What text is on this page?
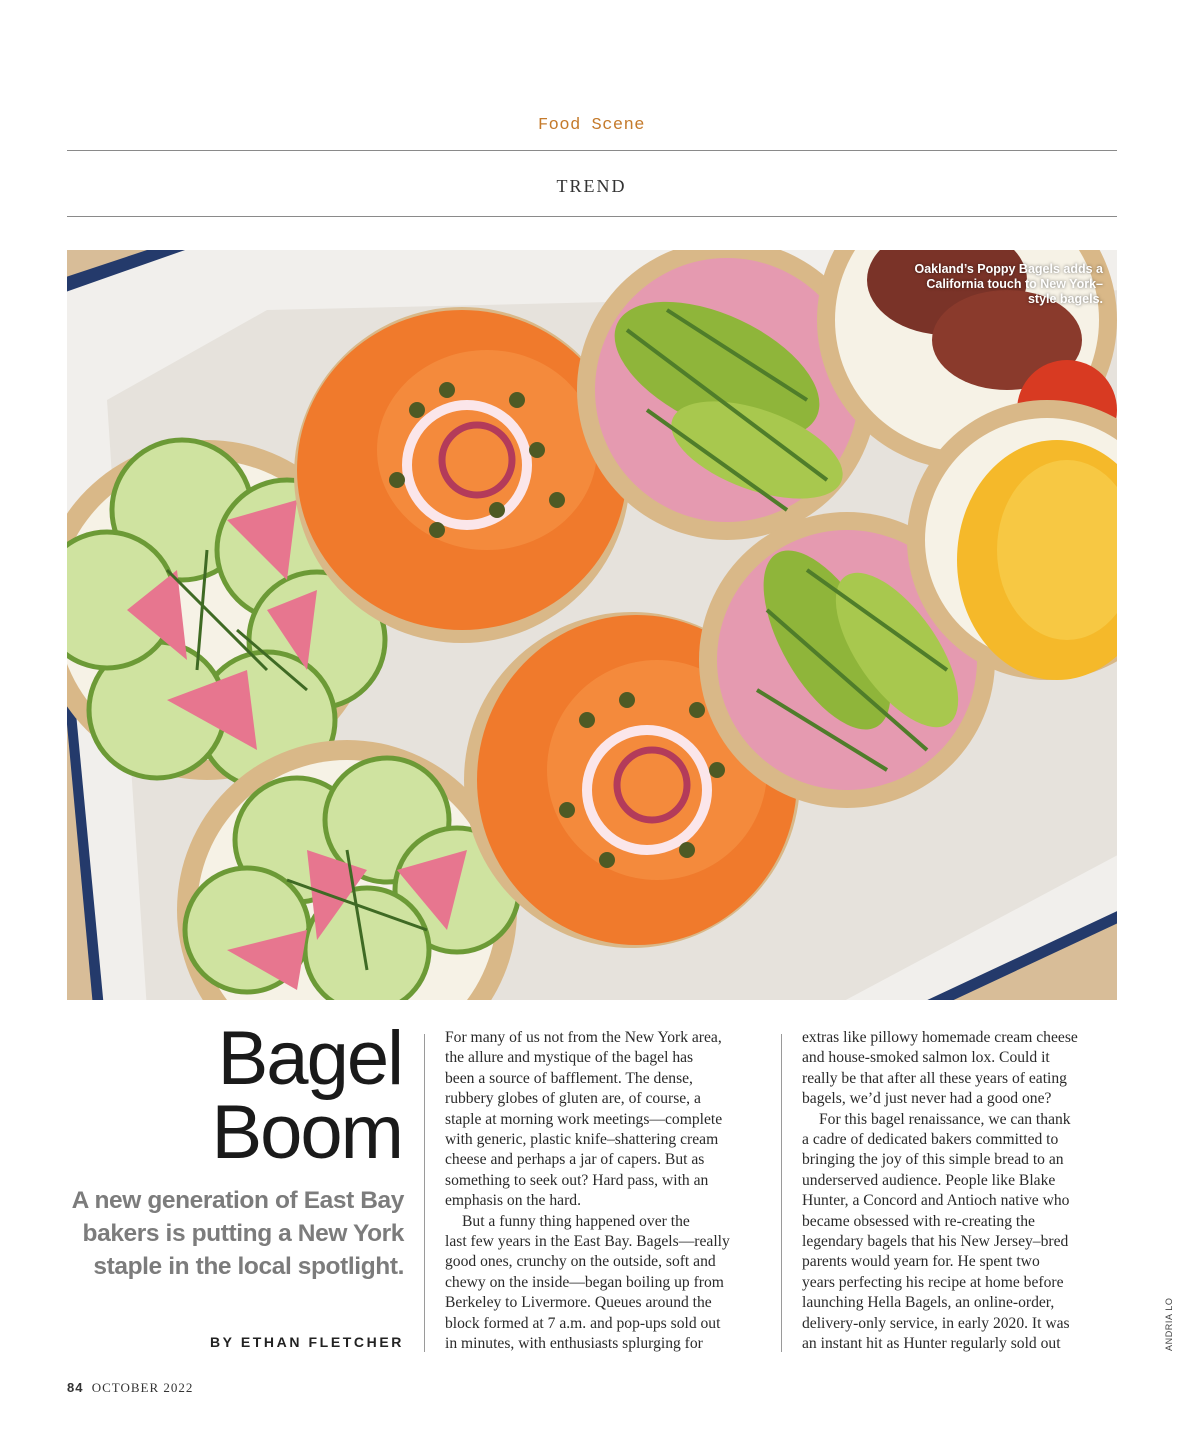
Food Scene
TREND
Oakland’s Poppy Bagels adds a California touch to New York–style bagels.
Bagel
Boom
A new generation of East Bay bakers is putting a New York staple in the local spotlight.
BY ETHAN FLETCHER

For many of us not from the New York area,

the allure and mystique of the bagel has

been a source of bafflement. The dense,

rubbery globes of gluten are, of course, a

staple at morning work meetings—complete

with generic, plastic knife–shattering cream

cheese and perhaps a jar of capers. But as

something to seek out? Hard pass, with an

emphasis on the hard.

But a funny thing happened over the

last few years in the East Bay. Bagels—really

good ones, crunchy on the outside, soft and

chewy on the inside—began boiling up from

Berkeley to Livermore. Queues around the

block formed at 7 a.m. and pop-ups sold out

in minutes, with enthusiasts splurging for

extras like pillowy homemade cream cheese

and house-smoked salmon lox. Could it

really be that after all these years of eating

bagels, we’d just never had a good one?

For this bagel renaissance, we can thank

a cadre of dedicated bakers committed to

bringing the joy of this simple bread to an

underserved audience. People like Blake

Hunter, a Concord and Antioch native who

became obsessed with re-creating the

legendary bagels that his New Jersey–bred

parents would yearn for. He spent two

years perfecting his recipe at home before

launching Hella Bagels, an online-order,

delivery-only service, in early 2020. It was

an instant hit as Hunter regularly sold out	ANDRIA LO
84 OCTOBER 2022
